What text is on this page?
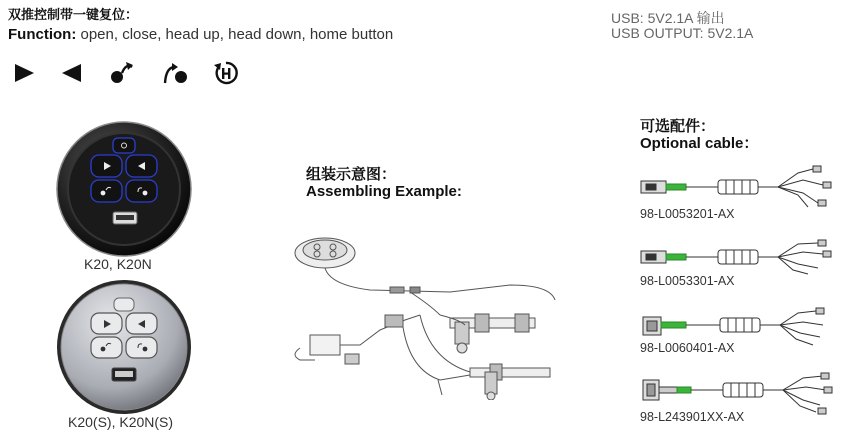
双推控制带一键复位：
Function: open, close, head up, head down, home button
USB: 5V2.1A 输出
USB OUTPUT: 5V2.1A
K20, K20N
K20(S), K20N(S)
组装示意图：
Assembling Example:
可选配件：
Optional cable：
98-L0053201-AX
98-L0053301-AX
98-L0060401-AX
98-L243901XX-AX
